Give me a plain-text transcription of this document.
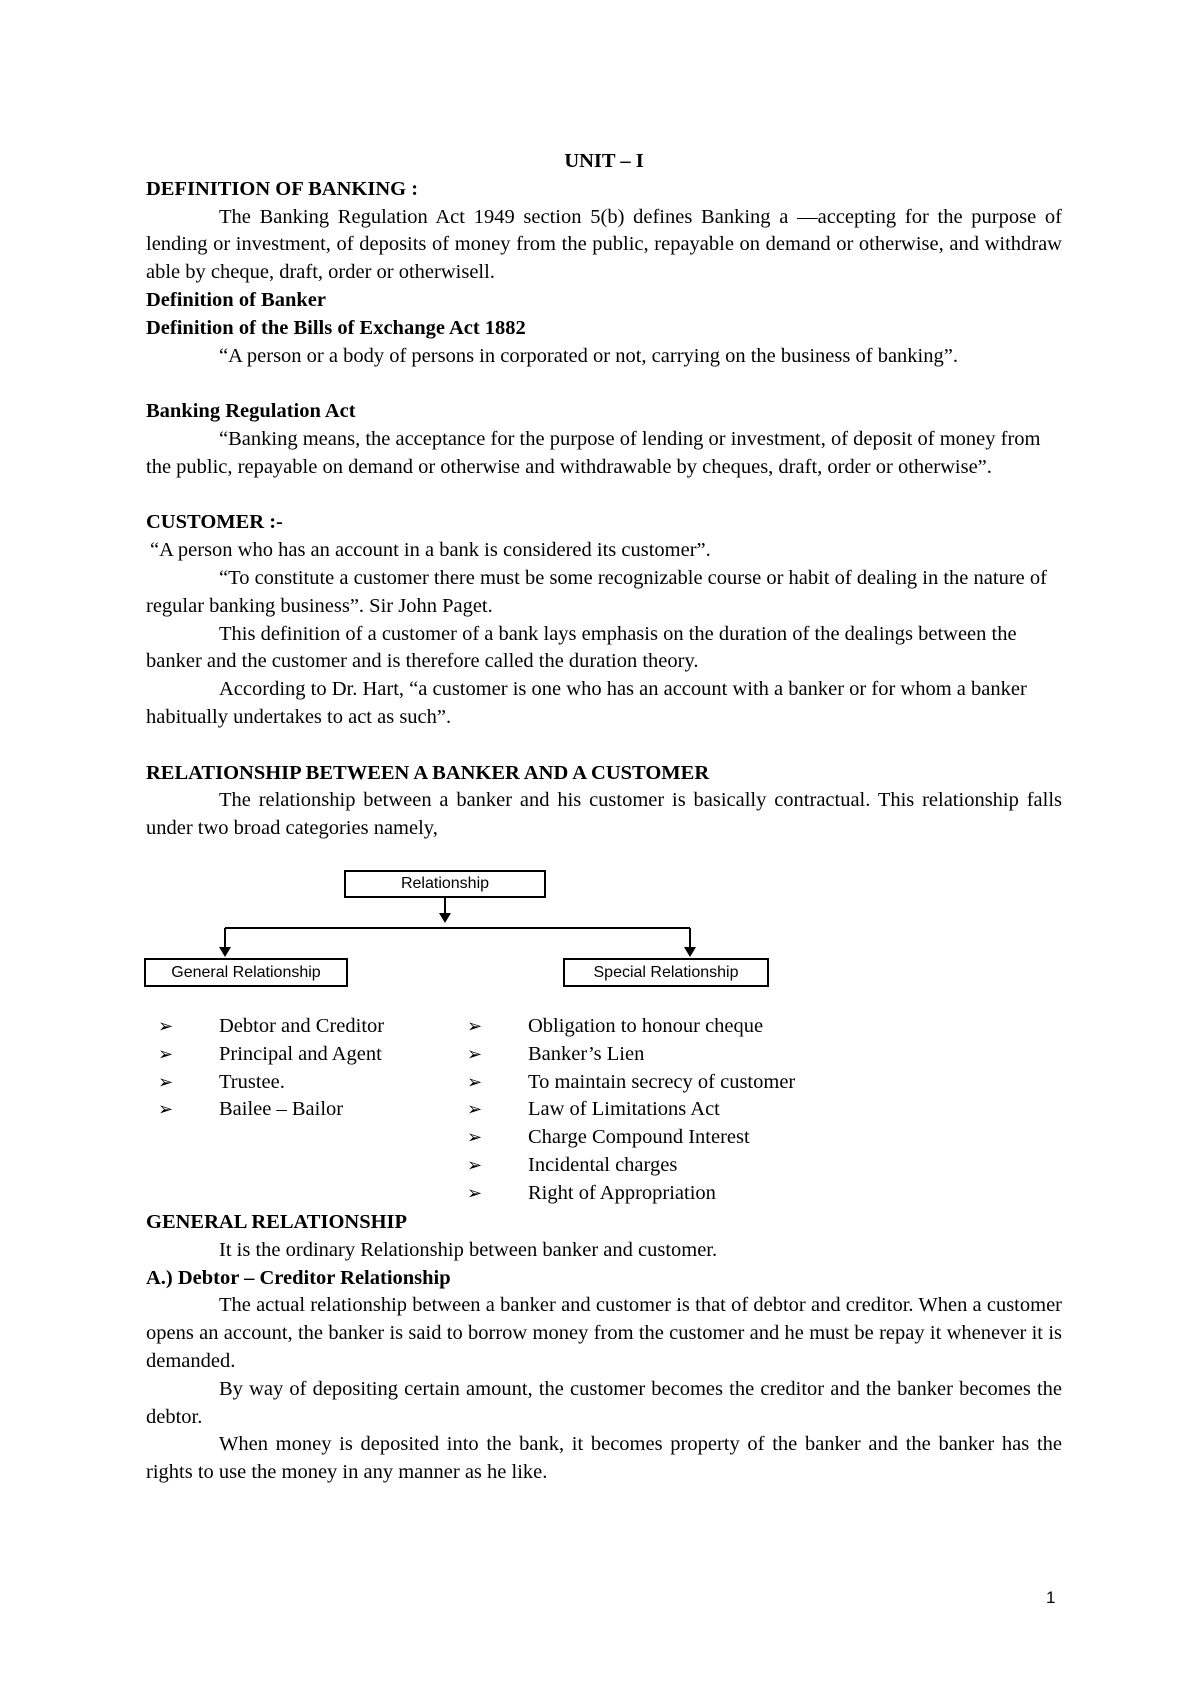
UNIT – I

DEFINITION OF BANKING :

The Banking Regulation Act 1949 section 5(b) defines Banking a ―accepting for the purpose of lending or investment, of deposits of money from the public, repayable on demand or otherwise, and withdraw able by cheque, draft, order or otherwisell.

Definition of Banker

Definition of the Bills of Exchange Act 1882

“A person or a body of persons in corporated or not, carrying on the business of banking”.

Banking Regulation Act

“Banking means, the acceptance for the purpose of lending or investment, of deposit of money from the public, repayable on demand or otherwise and withdrawable by cheques, draft, order or otherwise”.

CUSTOMER :-

“A person who has an account in a bank is considered its customer”.

“To constitute a customer there must be some recognizable course or habit of dealing in the nature of regular banking business”. Sir John Paget.

This definition of a customer of a bank lays emphasis on the duration of the dealings between the banker and the customer and is therefore called the duration theory.

According to Dr. Hart, “a customer is one who has an account with a banker or for whom a banker habitually undertakes to act as such”.

RELATIONSHIP BETWEEN A BANKER AND A CUSTOMER

The relationship between a banker and his customer is basically contractual. This relationship falls under two broad categories namely,

Relationship
General Relationship	Special Relationship
➢ Debtor and Creditor
➢ Principal and Agent
➢ Trustee.
➢ Bailee – Bailor
➢ Obligation to honour cheque
➢ Banker’s Lien
➢ To maintain secrecy of customer
➢ Law of Limitations Act
➢ Charge Compound Interest
➢ Incidental charges
➢ Right of Appropriation

GENERAL RELATIONSHIP

It is the ordinary Relationship between banker and customer.

A.) Debtor – Creditor Relationship

The actual relationship between a banker and customer is that of debtor and creditor. When a customer opens an account, the banker is said to borrow money from the customer and he must be repay it whenever it is demanded.

By way of depositing certain amount, the customer becomes the creditor and the banker becomes the debtor.

When money is deposited into the bank, it becomes property of the banker and the banker has the rights to use the money in any manner as he like.

1
